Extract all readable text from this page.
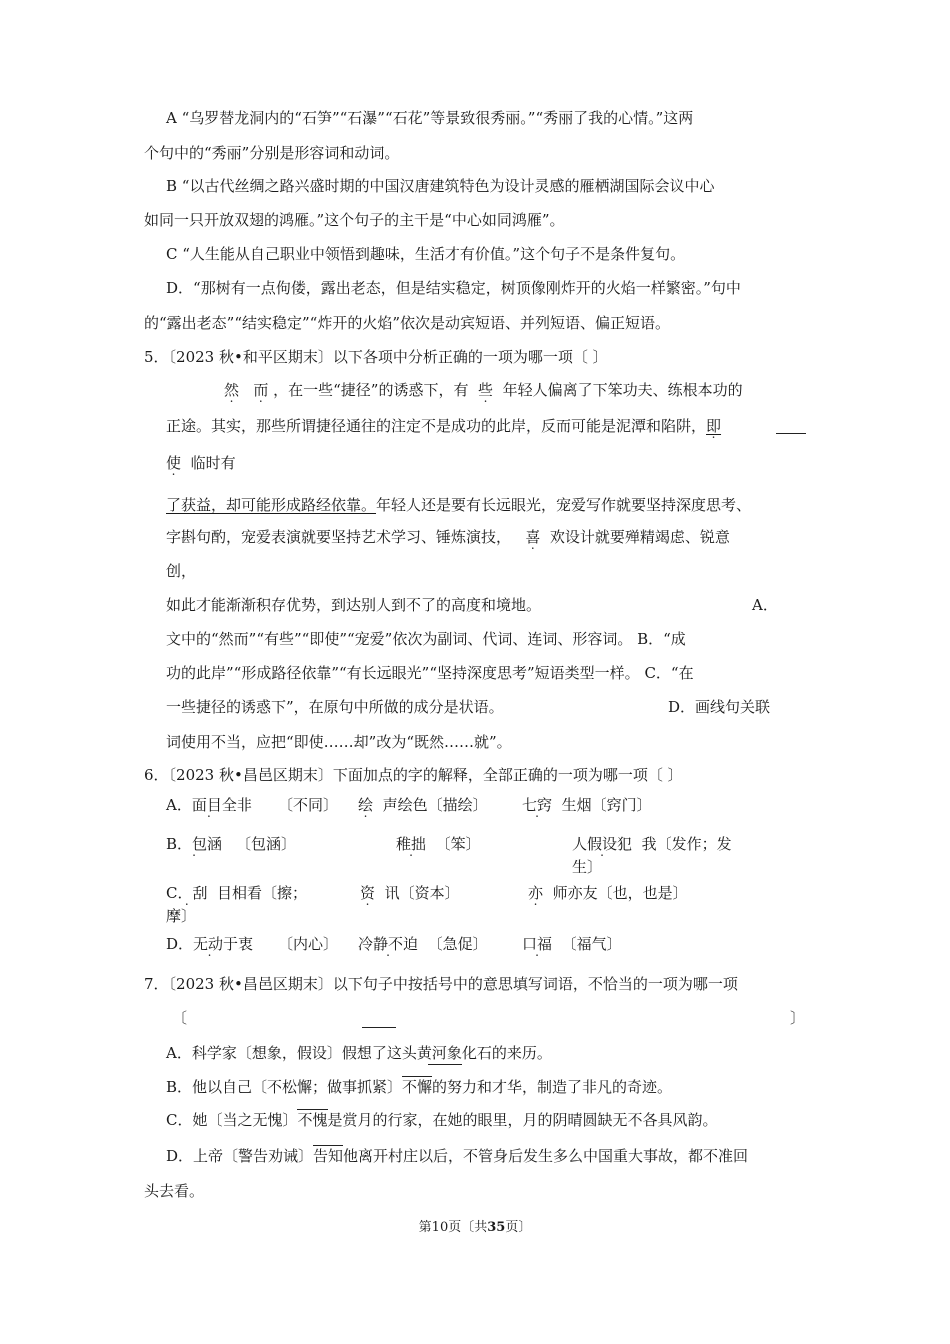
A “乌罗替龙洞内的“石笋”“石瀑”“石花”等景致很秀丽。”“秀丽了我的心情。”这两
个句中的“秀丽”分别是形容词和动词。
B “以古代丝绸之路兴盛时期的中国汉唐建筑特色为设计灵感的雁栖湖国际会议中心
如同一只开放双翅的鸿雁。”这个句子的主干是“中心如同鸿雁”。
C “人生能从自己职业中领悟到趣味，生活才有价值。”这个句子不是条件复句。
D．“那树有一点佝偻，露出老态，但是结实稳定，树顶像刚炸开的火焰一样繁密。”句中
的“露出老态”“结实稳定”“炸开的火焰”依次是动宾短语、并列短语、偏正短语。
5．〔2023 秋•和平区期末〕以下各项中分析正确的一项为哪一项〔 〕
然 而 ，在一些“捷径”的诱惑下，有 些 年轻人偏离了下笨功夫、练根本功的
正途。其实，那些所谓捷径通往的注定不是成功的此岸，反而可能是泥潭和陷阱，即
使 临时有
了获益，却可能形成路经依靠。年轻人还是要有长远眼光，宠爱写作就要坚持深度思考、
字斟句酌，宠爱表演就要坚持艺术学习、锤炼演技， 喜 欢设计就要殚精竭虑、锐意
创，
如此才能渐渐积存优势，到达别人到不了的高度和境地。	A．
文中的“然而”“有些”“即使”“宠爱”依次为副词、代词、连词、形容词。 B．“成
功的此岸”“形成路径依靠”“有长远眼光”“坚持深度思考”短语类型一样。 C．“在
一些捷径的诱惑下”，在原句中所做的成分是状语。	D．画线句关联
词使用不当，应把“即使……却”改为“既然……就”。
6．〔2023 秋•昌邑区期末〕下面加点的字的解释，全部正确的一项为哪一项〔 〕
A．面目全非 . 〔不同〕 绘 声绘色〔描绘〕 七窍 生烟〔窍门〕
B．包涵 . 〔包涵〕	稚拙 〔笨〕	人假设犯 我〔发作；发
生〕
C．刮 . 目相看〔擦；
摩〕
资 讯〔资本〕	亦 师亦友〔也，也是〕
D．无动于衷 . 〔内心〕 冷静不迫 〔急促〕 口福 〔福气〕
7．〔2023 秋•昌邑区期末〕以下句子中按括号中的意思填写词语，不恰当的一项为哪一项
〔	〕
A．科学家〔想象，假设〕假想了这头黄河象化石的来历。
B．他以自己〔不松懈；做事抓紧〕不懈的努力和才华，制造了非凡的奇迹。
C．她〔当之无愧〕不愧是赏月的行家，在她的眼里，月的阴晴圆缺无不各具风韵。
D．上帝〔警告劝诫〕告知他离开村庄以后，不管身后发生多么中国重大事故，都不准回
头去看。
第10页〔共35页〕
